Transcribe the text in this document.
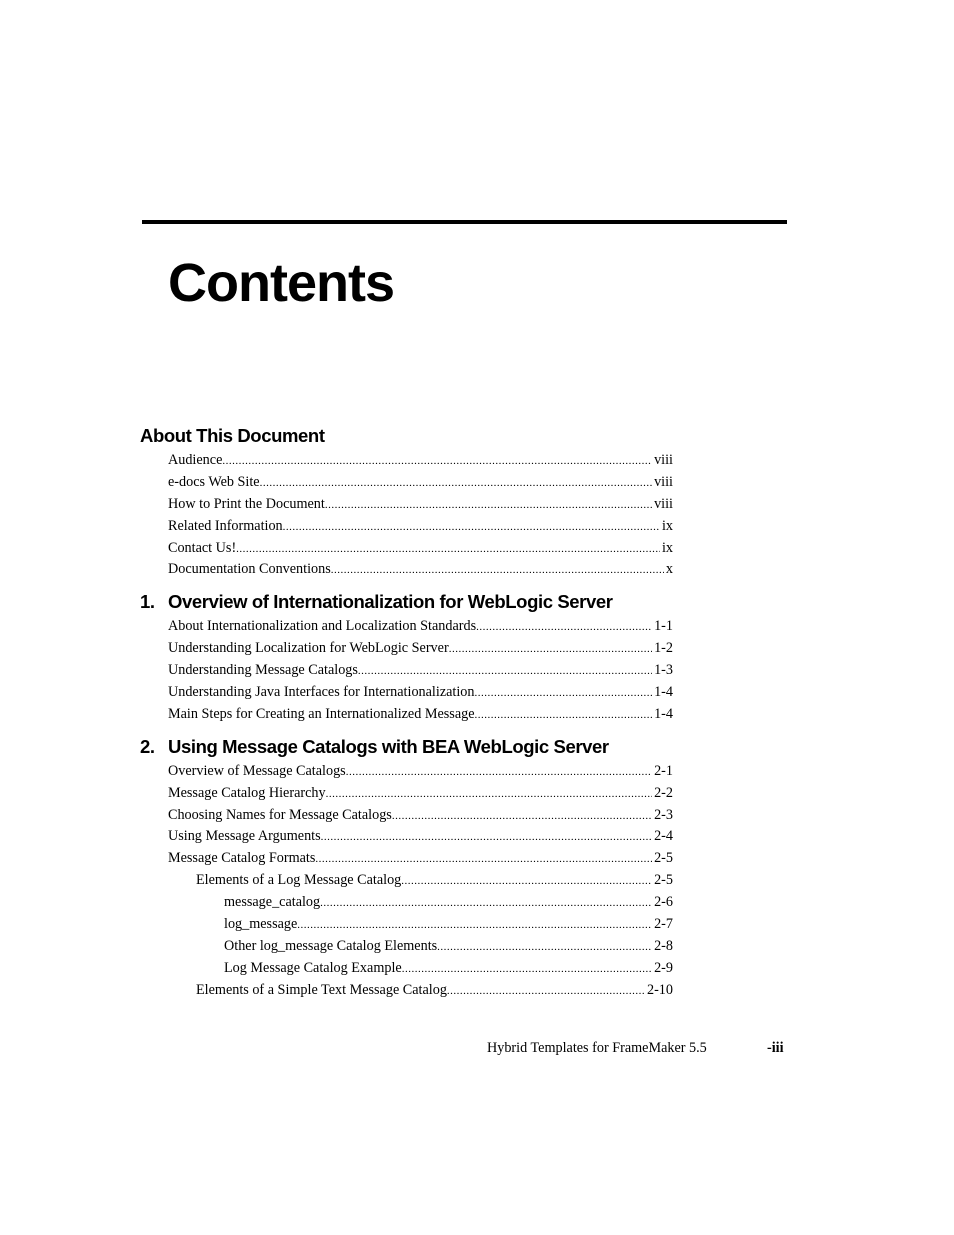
Contents
About This Document
Audience .....	viii
e-docs Web Site .....	viii
How to Print the Document .....	viii
Related Information .....	ix
Contact Us! .....	ix
Documentation Conventions .....	x
1. Overview of Internationalization for WebLogic Server
About Internationalization and Localization Standards .....	1-1
Understanding Localization for WebLogic Server .....	1-2
Understanding Message Catalogs .....	1-3
Understanding Java Interfaces for Internationalization .....	1-4
Main Steps for Creating an Internationalized Message .....	1-4
2. Using Message Catalogs with BEA WebLogic Server
Overview of Message Catalogs .....	2-1
Message Catalog Hierarchy .....	2-2
Choosing Names for Message Catalogs .....	2-3
Using Message Arguments .....	2-4
Message Catalog Formats .....	2-5
Elements of a Log Message Catalog .....	2-5
message_catalog .....	2-6
log_message .....	2-7
Other log_message Catalog Elements .....	2-8
Log Message Catalog Example .....	2-9
Elements of a Simple Text Message Catalog .....	2-10
Hybrid Templates for FrameMaker 5.5	-iii
